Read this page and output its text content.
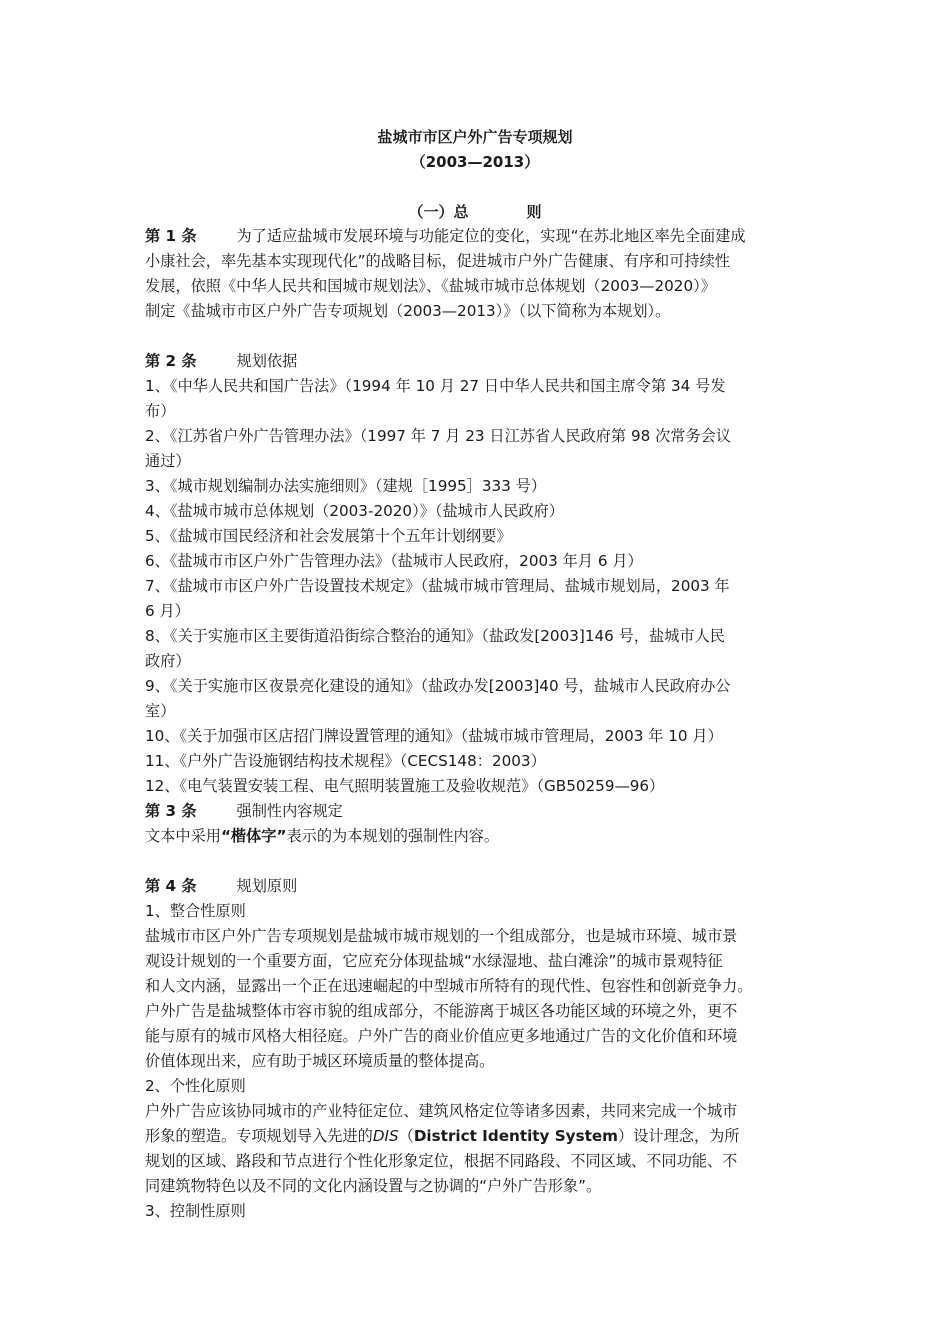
盐城市市区户外广告专项规划
（2003—2013）
（一）总	则
第 1 条	为了适应盐城市发展环境与功能定位的变化，实现“在苏北地区率先全面建成
小康社会，率先基本实现现代化”的战略目标，促进城市户外广告健康、有序和可持续性
发展，依照《中华人民共和国城市规划法》、《盐城市城市总体规划（2003—2020）》
制定《盐城市市区户外广告专项规划（2003—2013）》（以下简称为本规划）。
第 2 条	规划依据
1、《中华人民共和国广告法》（1994 年 10 月 27 日中华人民共和国主席令第 34 号发
布）
2、《江苏省户外广告管理办法》（1997 年 7 月 23 日江苏省人民政府第 98 次常务会议
通过）
3、《城市规划编制办法实施细则》（建规［1995］333 号）
4、《盐城市城市总体规划（2003-2020）》（盐城市人民政府）
5、《盐城市国民经济和社会发展第十个五年计划纲要》
6、《盐城市市区户外广告管理办法》（盐城市人民政府，2003 年月 6 月）
7、《盐城市市区户外广告设置技术规定》（盐城市城市管理局、盐城市规划局，2003 年
6 月）
8、《关于实施市区主要街道沿街综合整治的通知》（盐政发[2003]146 号，盐城市人民
政府）
9、《关于实施市区夜景亮化建设的通知》（盐政办发[2003]40 号，盐城市人民政府办公
室）
10、《关于加强市区店招门牌设置管理的通知》（盐城市城市管理局，2003 年 10 月）
11、《户外广告设施钢结构技术规程》（CECS148：2003）
12、《电气装置安装工程、电气照明装置施工及验收规范》（GB50259—96）
第 3 条	强制性内容规定
文本中采用“楷体字”表示的为本规划的强制性内容。
第 4 条	规划原则
1、整合性原则
盐城市市区户外广告专项规划是盐城市城市规划的一个组成部分，也是城市环境、城市景
观设计规划的一个重要方面，它应充分体现盐城“水绿湿地、盐白滩涂”的城市景观特征
和人文内涵，显露出一个正在迅速崛起的中型城市所特有的现代性、包容性和创新竞争力。
户外广告是盐城整体市容市貌的组成部分，不能游离于城区各功能区域的环境之外，更不
能与原有的城市风格大相径庭。户外广告的商业价值应更多地通过广告的文化价值和环境
价值体现出来，应有助于城区环境质量的整体提高。
2、个性化原则
户外广告应该协同城市的产业特征定位、建筑风格定位等诸多因素，共同来完成一个城市
形象的塑造。专项规划导入先进的DIS（District Identity System）设计理念，为所
规划的区域、路段和节点进行个性化形象定位，根据不同路段、不同区域、不同功能、不
同建筑物特色以及不同的文化内涵设置与之协调的“户外广告形象”。
3、控制性原则
